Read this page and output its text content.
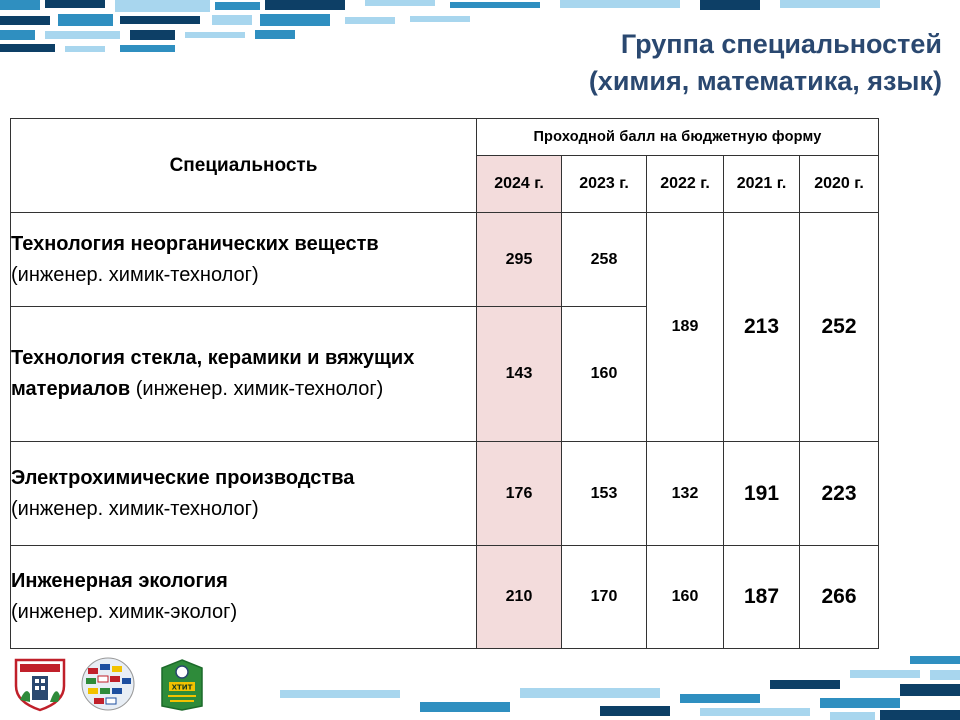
Группа специальностей
(химия, математика, язык)
Специальность	Проходной балл на бюджетную форму				
	2024 г.	2023 г.	2022 г.	2021 г.	2020 г.
Технология неорганических веществ
(инженер. химик-технолог)	295	258	189	213	252
Технология стекла, керамики и вяжущих материалов (инженер. химик-технолог)	143	160			
Электрохимические производства
(инженер. химик-технолог)	176	153	132	191	223
Инженерная экология
(инженер. химик-эколог)	210	170	160	187	266
ХТИТ
